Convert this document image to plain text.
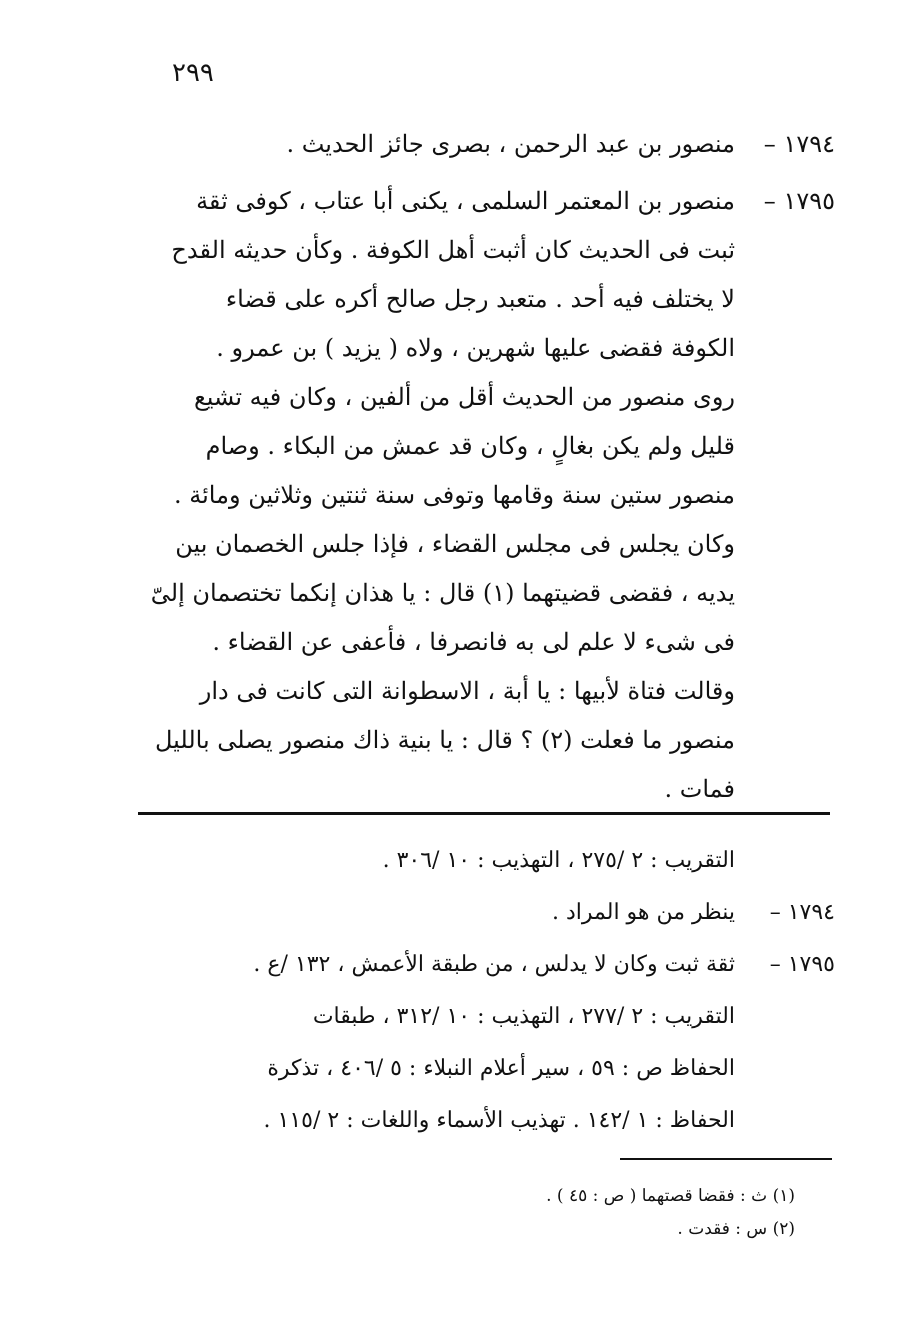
٢٩٩
١٧٩٤ –

منصور بن عبد الرحمن ، بصرى جائز الحديث .

١٧٩٥ –

منصور بن المعتمر السلمى ، يكنى أبا عتاب ، كوفى ثقة

ثبت فى الحديث كان أثبت أهل الكوفة . وكأن حديثه القدح

لا يختلف فيه أحد . متعبد رجل صالح أكره على قضاء

الكوفة فقضى عليها شهرين ، ولاه ( يزيد ) بن عمرو .

روى منصور من الحديث أقل من ألفين ، وكان فيه تشيع

قليل ولم يكن بغالٍ ، وكان قد عمش من البكاء . وصام

منصور ستين سنة وقامها وتوفى سنة ثنتين وثلاثين ومائة .

وكان يجلس فى مجلس القضاء ، فإذا جلس الخصمان بين

يديه ، فقضى قضيتهما (١) قال : يا هذان إنكما تختصمان إلىّ

فى شىء لا علم لى به فانصرفا ، فأعفى عن القضاء .

وقالت فتاة لأبيها : يا أبة ، الاسطوانة التى كانت فى دار

منصور ما فعلت (٢) ؟ قال : يا بنية ذاك منصور يصلى بالليل

فمات .

التقريب : ٢ /٢٧٥ ، التهذيب : ١٠ /٣٠٦ .

١٧٩٤ –

ينظر من هو المراد .

١٧٩٥ –

ثقة ثبت وكان لا يدلس ، من طبقة الأعمش ، ١٣٢ /ع .

التقريب : ٢ /٢٧٧ ، التهذيب : ١٠ /٣١٢ ، طبقات

الحفاظ ص : ٥٩ ، سير أعلام النبلاء : ٥ /٤٠٦ ، تذكرة

الحفاظ : ١ /١٤٢ . تهذيب الأسماء واللغات : ٢ /١١٥ .

(١) ث : فقضا قصتهما ( ص : ٤٥ ) .
(٢) س : فقدت .
